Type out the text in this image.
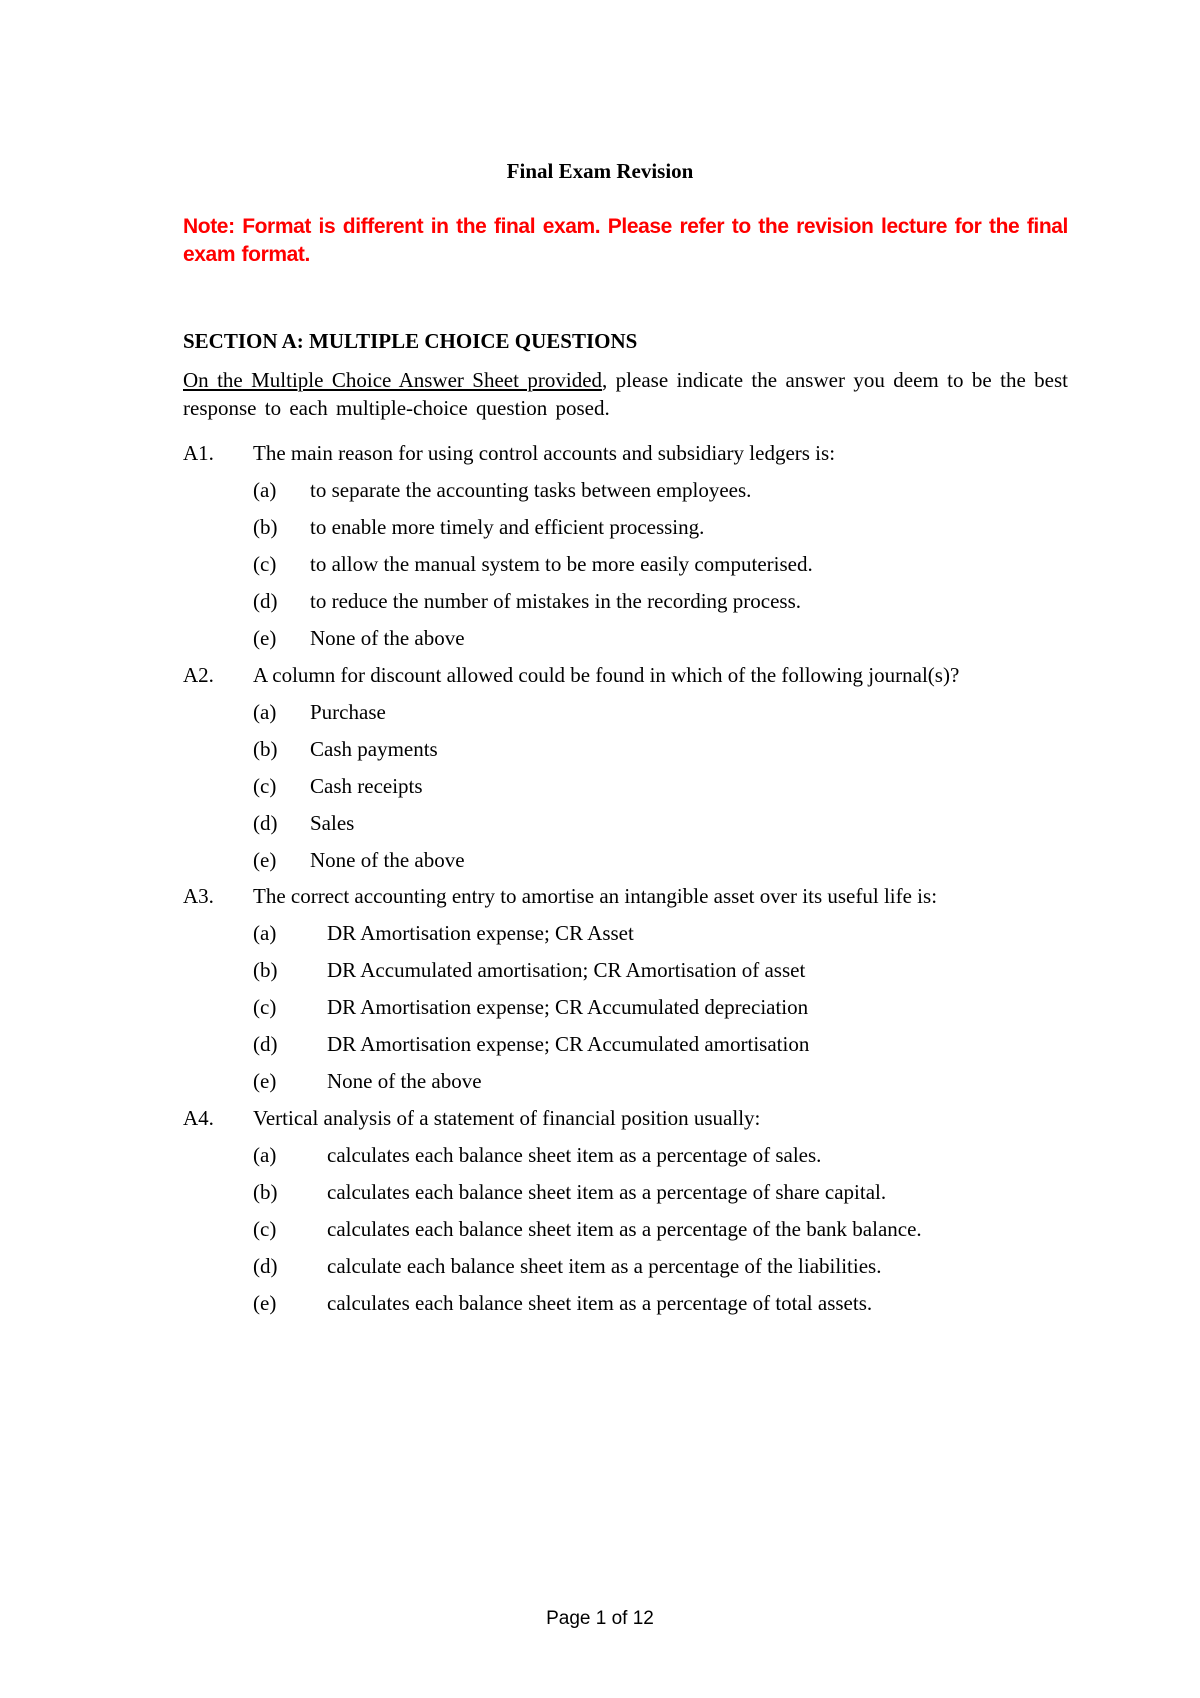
Final Exam Revision
Note: Format is different in the final exam. Please refer to the revision lecture for the final exam format.
SECTION A: MULTIPLE CHOICE QUESTIONS
On the Multiple Choice Answer Sheet provided, please indicate the answer you deem to be the best response to each multiple-choice question posed.
A1. The main reason for using control accounts and subsidiary ledgers is:
(a) to separate the accounting tasks between employees.
(b) to enable more timely and efficient processing.
(c) to allow the manual system to be more easily computerised.
(d) to reduce the number of mistakes in the recording process.
(e) None of the above
A2. A column for discount allowed could be found in which of the following journal(s)?
(a) Purchase
(b) Cash payments
(c) Cash receipts
(d) Sales
(e) None of the above
A3. The correct accounting entry to amortise an intangible asset over its useful life is:
(a) DR Amortisation expense; CR Asset
(b) DR Accumulated amortisation; CR Amortisation of asset
(c) DR Amortisation expense; CR Accumulated depreciation
(d) DR Amortisation expense; CR Accumulated amortisation
(e) None of the above
A4. Vertical analysis of a statement of financial position usually:
(a) calculates each balance sheet item as a percentage of sales.
(b) calculates each balance sheet item as a percentage of share capital.
(c) calculates each balance sheet item as a percentage of the bank balance.
(d) calculate each balance sheet item as a percentage of the liabilities.
(e) calculates each balance sheet item as a percentage of total assets.
Page 1 of 12
